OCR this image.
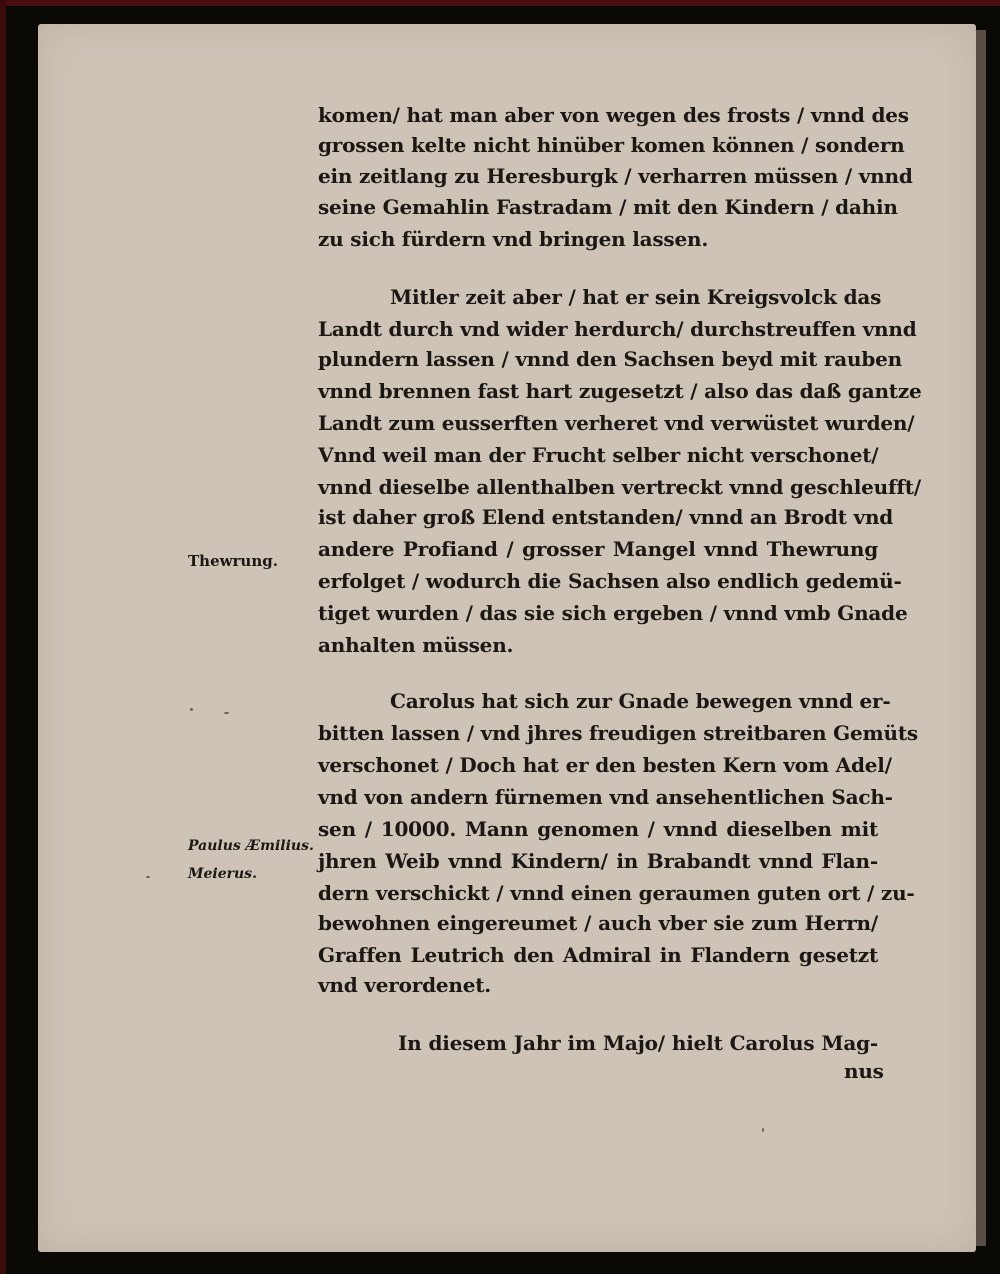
komen/ hat man aber von wegen des frosts / vnnd des
grossen kelte nicht hinüber komen können / sondern
ein zeitlang zu Heresburgk / verharren müssen / vnnd
seine Gemahlin Fastradam / mit den Kindern / dahin
zu sich fürdern vnd bringen lassen.
Mitler zeit aber / hat er sein Kreigsvolck das
Landt durch vnd wider herdurch/ durchstreuffen vnnd
plundern lassen / vnnd den Sachsen beyd mit rauben
vnnd brennen fast hart zugesetzt / also das daß gantze
Landt zum eusserften verheret vnd verwüstet wurden/
Vnnd weil man der Frucht selber nicht verschonet/
vnnd dieselbe allenthalben vertreckt vnnd geschleufft/
ist daher groß Elend entstanden/ vnnd an Brodt vnd
andere Profiand / grosser Mangel vnnd Thewrung
erfolget / wodurch die Sachsen also endlich gedemü-
tiget wurden / das sie sich ergeben / vnnd vmb Gnade
anhalten müssen.
Carolus hat sich zur Gnade bewegen vnnd er-
bitten lassen / vnd jhres freudigen streitbaren Gemüts
verschonet / Doch hat er den besten Kern vom Adel/
vnd von andern fürnemen vnd ansehentlichen Sach-
sen / 10000. Mann genomen / vnnd dieselben mit
jhren Weib vnnd Kindern/ in Brabandt vnnd Flan-
dern verschickt / vnnd einen geraumen guten ort / zu-
bewohnen eingereumet / auch vber sie zum Herrn/
Graffen Leutrich den Admiral in Flandern gesetzt
vnd verordenet.
In diesem Jahr im Majo/ hielt Carolus Mag-
nus
Thewrung.
Paulus Æmilius.
Meierus.
